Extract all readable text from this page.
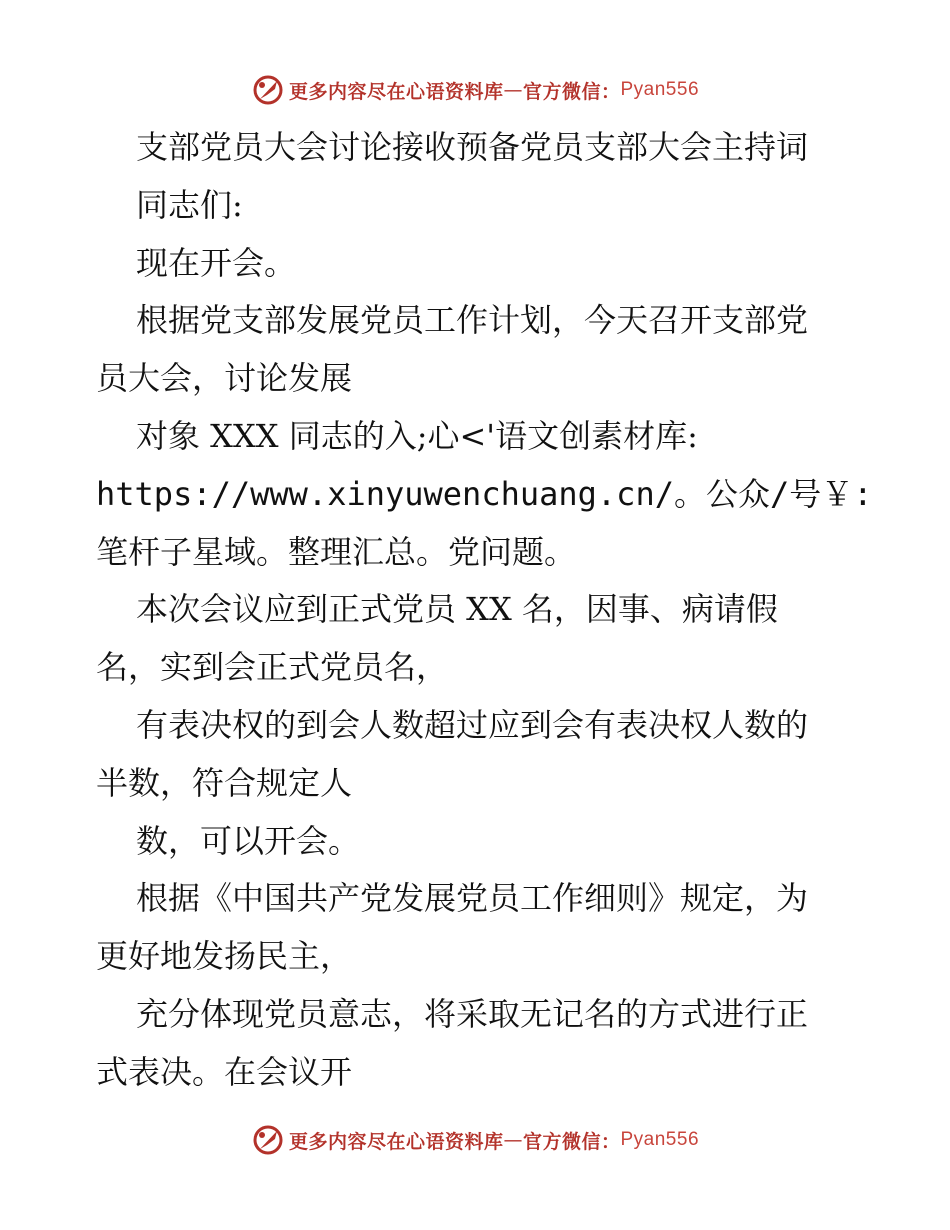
更多内容尽在心语资料库 — 官方微信： Pyan556
支部党员大会讨论接收预备党员支部大会主持词
同志们:
现在开会。
根据党支部发展党员工作计划，今天召开支部党
员大会，讨论发展
对象 XXX 同志的入;心<'语文创素材库:
https://www.xinyuwenchuang.cn/。公众/号￥:
笔杆子星域。整理汇总。党问题。
本次会议应到正式党员 XX 名，因事、病请假
名，实到会正式党员名，
有表决权的到会人数超过应到会有表决权人数的
半数，符合规定人
数，可以开会。
根据《中国共产党发展党员工作细则》规定，为
更好地发扬民主，
充分体现党员意志，将采取无记名的方式进行正
式表决。在会议开
更多内容尽在心语资料库 — 官方微信： Pyan556
